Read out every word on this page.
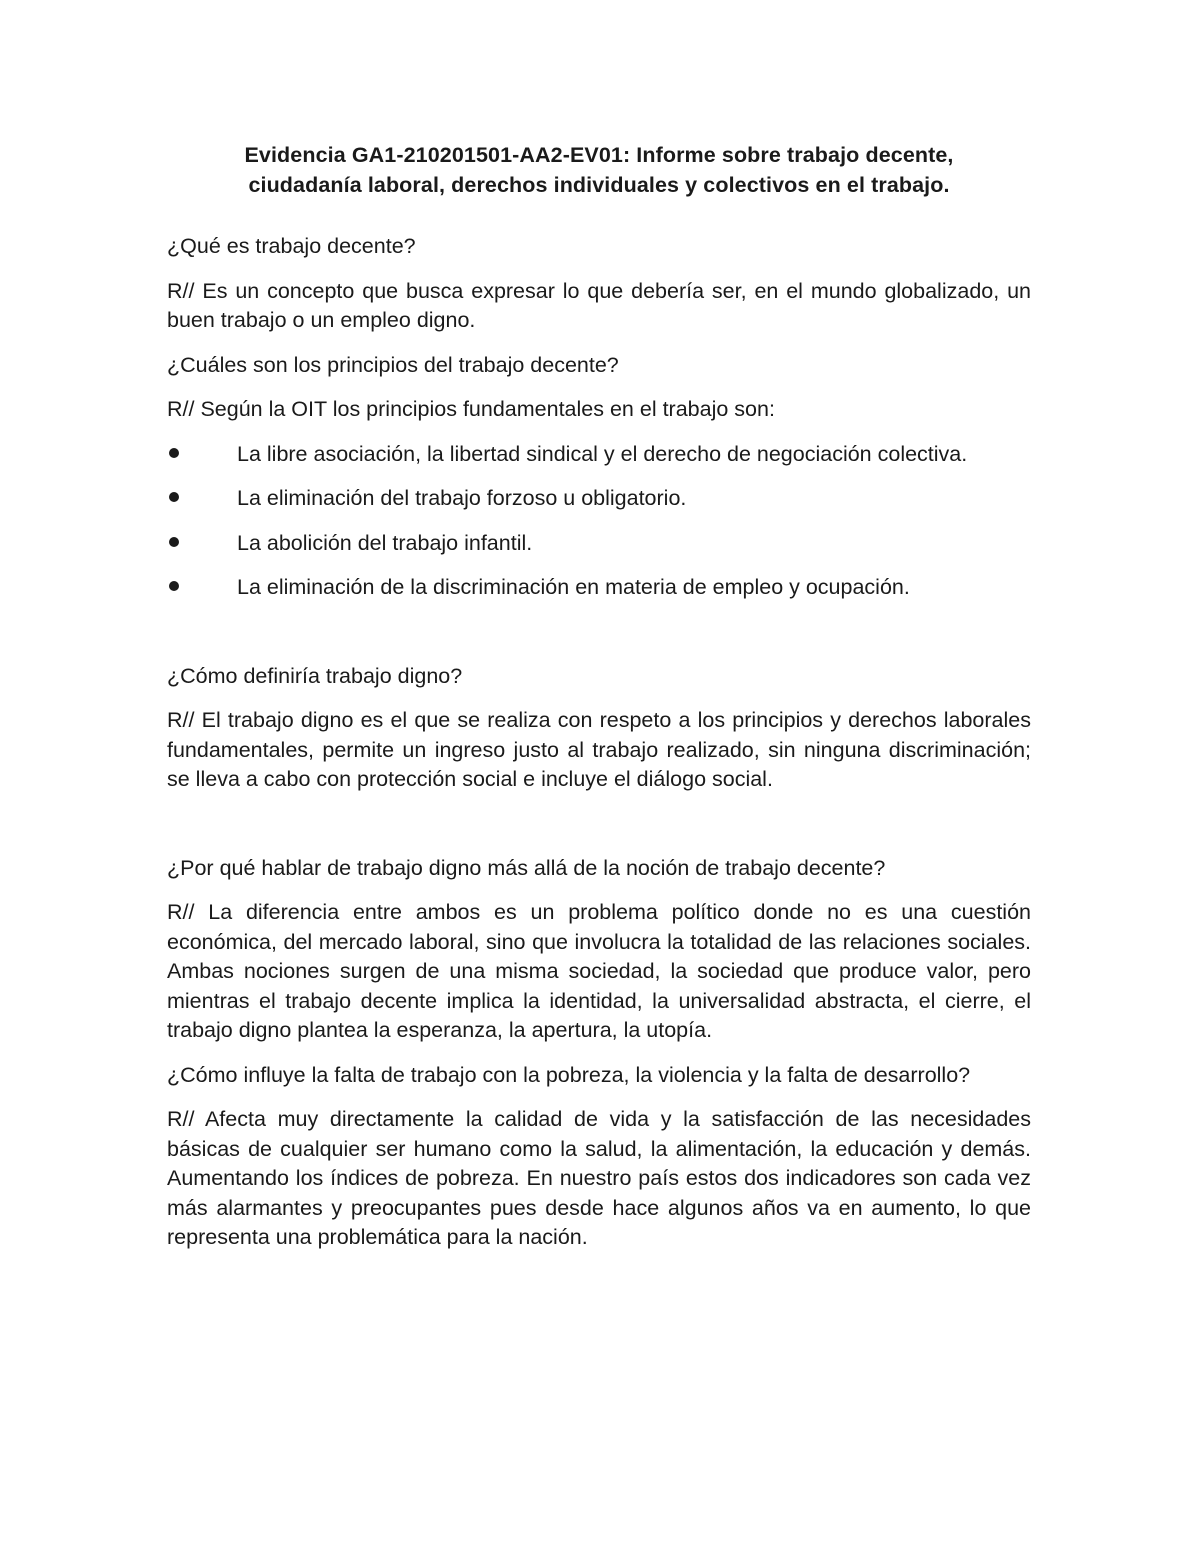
Evidencia GA1-210201501-AA2-EV01: Informe sobre trabajo decente,
ciudadanía laboral, derechos individuales y colectivos en el trabajo.

¿Qué es trabajo decente?

R// Es un concepto que busca expresar lo que debería ser, en el mundo globalizado, un buen trabajo o un empleo digno.

¿Cuáles son los principios del trabajo decente?

R// Según la OIT los principios fundamentales en el trabajo son:

La libre asociación, la libertad sindical y el derecho de negociación colectiva.
La eliminación del trabajo forzoso u obligatorio.
La abolición del trabajo infantil.
La eliminación de la discriminación en materia de empleo y ocupación.

¿Cómo definiría trabajo digno?

R// El trabajo digno es el que se realiza con respeto a los principios y derechos laborales fundamentales, permite un ingreso justo al trabajo realizado, sin ninguna discriminación; se lleva a cabo con protección social e incluye el diálogo social.

¿Por qué hablar de trabajo digno más allá de la noción de trabajo decente?

R// La diferencia entre ambos es un problema político donde no es una cuestión económica, del mercado laboral, sino que involucra la totalidad de las relaciones sociales. Ambas nociones surgen de una misma sociedad, la sociedad que produce valor, pero mientras el trabajo decente implica la identidad, la universalidad abstracta, el cierre, el trabajo digno plantea la esperanza, la apertura, la utopía.

¿Cómo influye la falta de trabajo con la pobreza, la violencia y la falta de desarrollo?

R// Afecta muy directamente la calidad de vida y la satisfacción de las necesidades básicas de cualquier ser humano como la salud, la alimentación, la educación y demás. Aumentando los índices de pobreza. En nuestro país estos dos indicadores son cada vez más alarmantes y preocupantes pues desde hace algunos años va en aumento, lo que representa una problemática para la nación.
